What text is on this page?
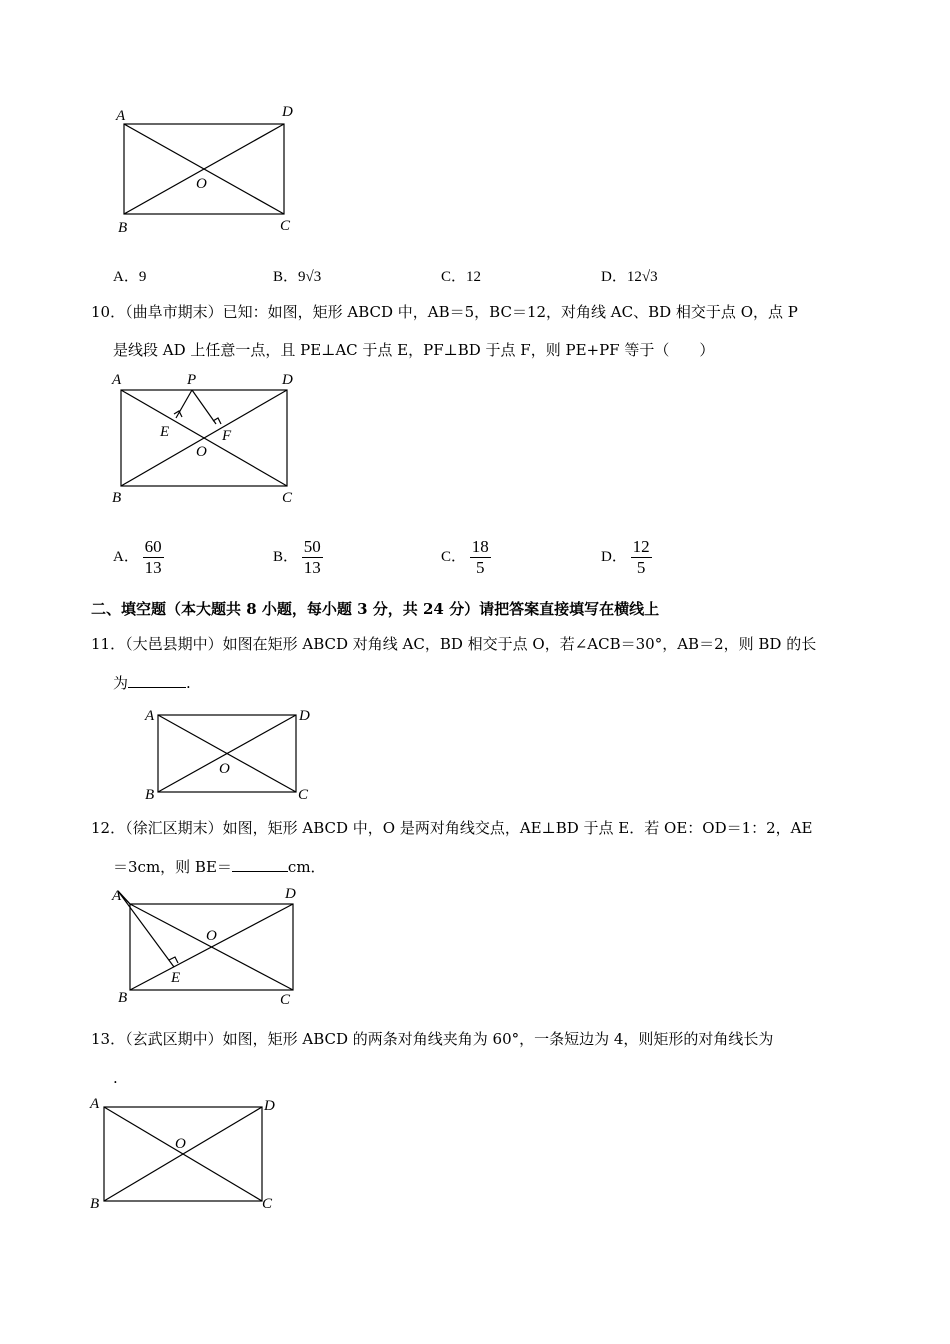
A	D
O
B	C
A．9	B．9√3	C．12	D．12√3
10．（曲阜市期末）已知：如图，矩形 ABCD 中，AB＝5，BC＝12，对角线 AC、BD 相交于点 O，点 P
是线段 AD 上任意一点，且 PE⊥AC 于点 E，PF⊥BD 于点 F，则 PE+PF 等于（　　）
A	P	D
E	F
O
B	C
A． $\frac{60}{13}$	B． $\frac{50}{13}$	C． $\frac{18}{5}$	D． $\frac{12}{5}$
二、填空题（本大题共 8 小题，每小题 3 分，共 24 分）请把答案直接填写在横线上
11．（大邑县期中）如图在矩形 ABCD 对角线 AC，BD 相交于点 O，若∠ACB＝30°，AB＝2，则 BD 的长
为	.
A	D
O
B	C
12．（徐汇区期末）如图，矩形 ABCD 中，O 是两对角线交点，AE⊥BD 于点 E．若 OE：OD＝1：2，AE
＝3cm，则 BE＝	cm．
A	D
O
E
B	C
13．（玄武区期中）如图，矩形 ABCD 的两条对角线夹角为 60°，一条短边为 4，则矩形的对角线长为
.
A	D
O
B	C
